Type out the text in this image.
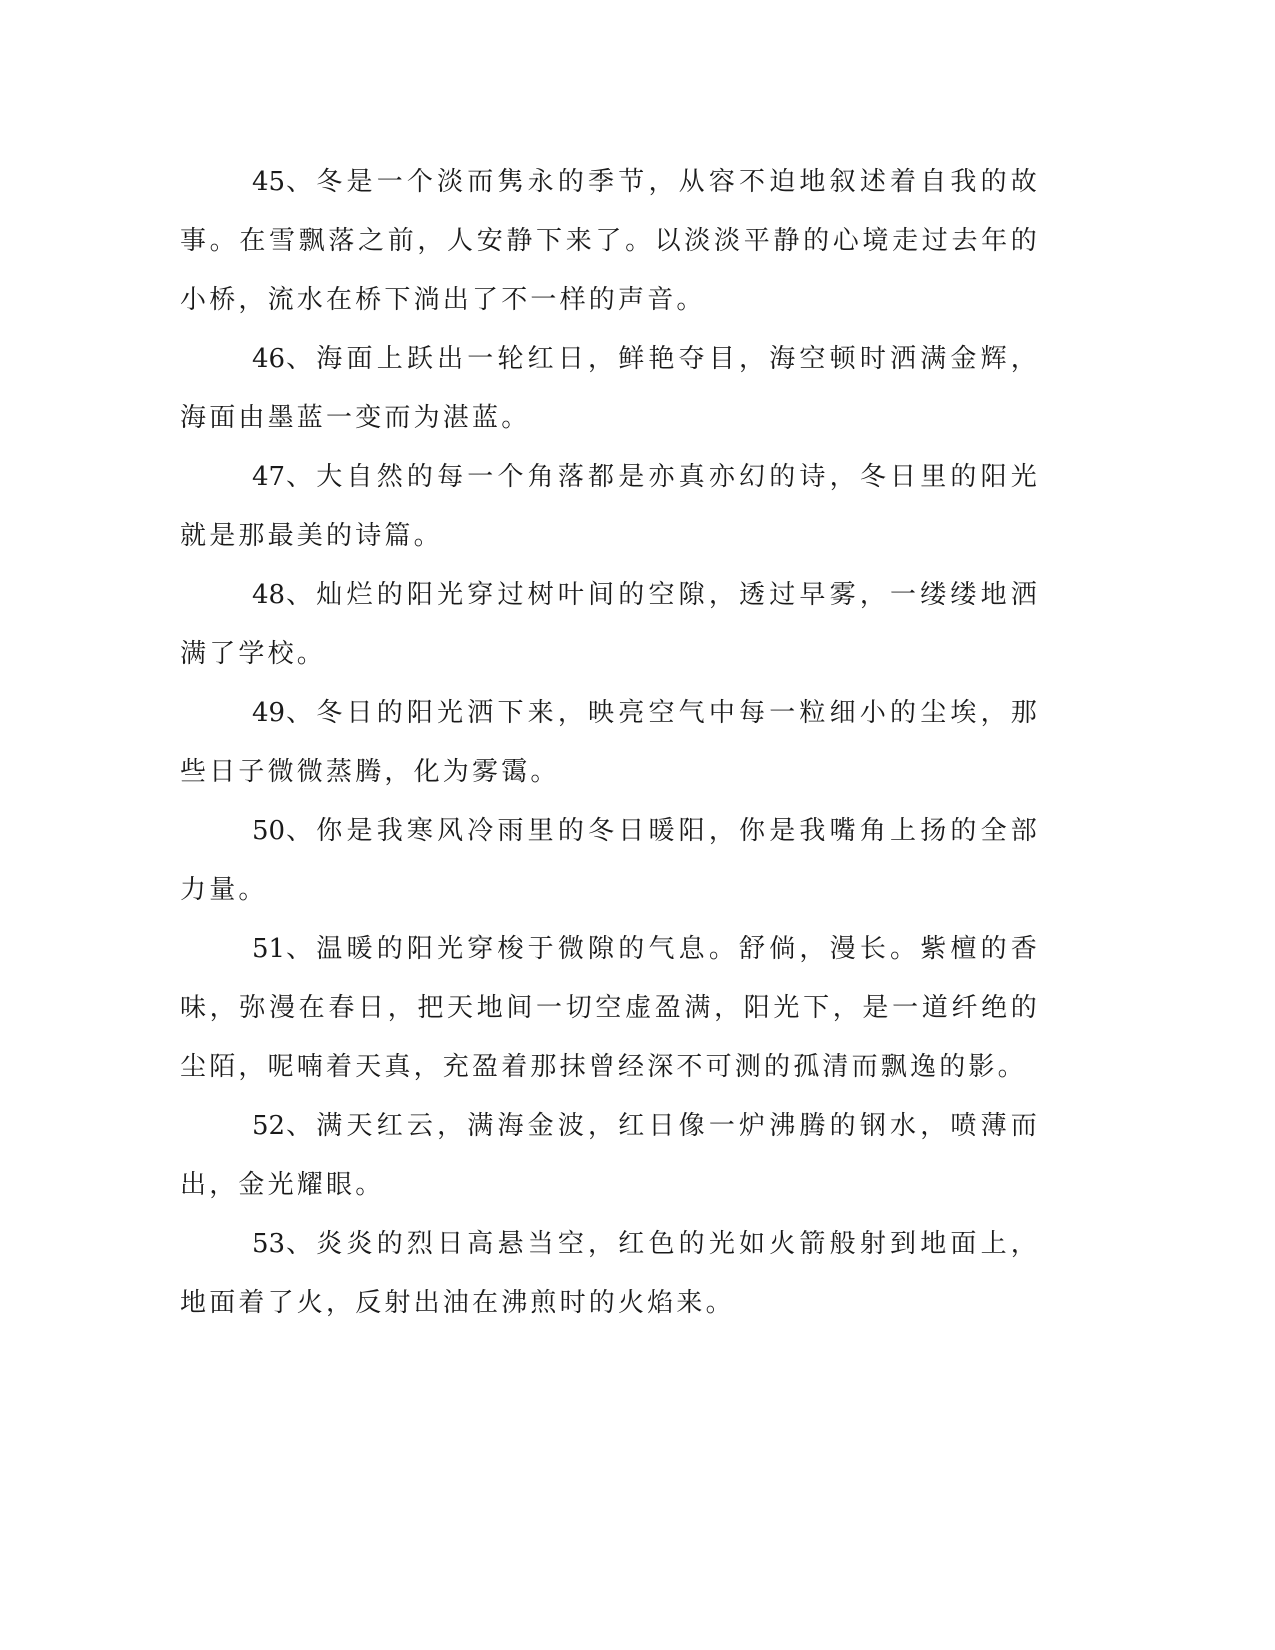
45、冬是一个淡而隽永的季节，从容不迫地叙述着自我的故事。在雪飘落之前，人安静下来了。以淡淡平静的心境走过去年的小桥，流水在桥下淌出了不一样的声音。

46、海面上跃出一轮红日，鲜艳夺目，海空顿时洒满金辉，海面由墨蓝一变而为湛蓝。

47、大自然的每一个角落都是亦真亦幻的诗，冬日里的阳光就是那最美的诗篇。

48、灿烂的阳光穿过树叶间的空隙，透过早雾，一缕缕地洒满了学校。

49、冬日的阳光洒下来，映亮空气中每一粒细小的尘埃，那些日子微微蒸腾，化为雾霭。

50、你是我寒风冷雨里的冬日暖阳，你是我嘴角上扬的全部力量。

51、温暖的阳光穿梭于微隙的气息。舒倘，漫长。紫檀的香味，弥漫在春日，把天地间一切空虚盈满，阳光下，是一道纤绝的尘陌，呢喃着天真，充盈着那抹曾经深不可测的孤清而飘逸的影。

52、满天红云，满海金波，红日像一炉沸腾的钢水，喷薄而出，金光耀眼。

53、炎炎的烈日高悬当空，红色的光如火箭般射到地面上，地面着了火，反射出油在沸煎时的火焰来。
